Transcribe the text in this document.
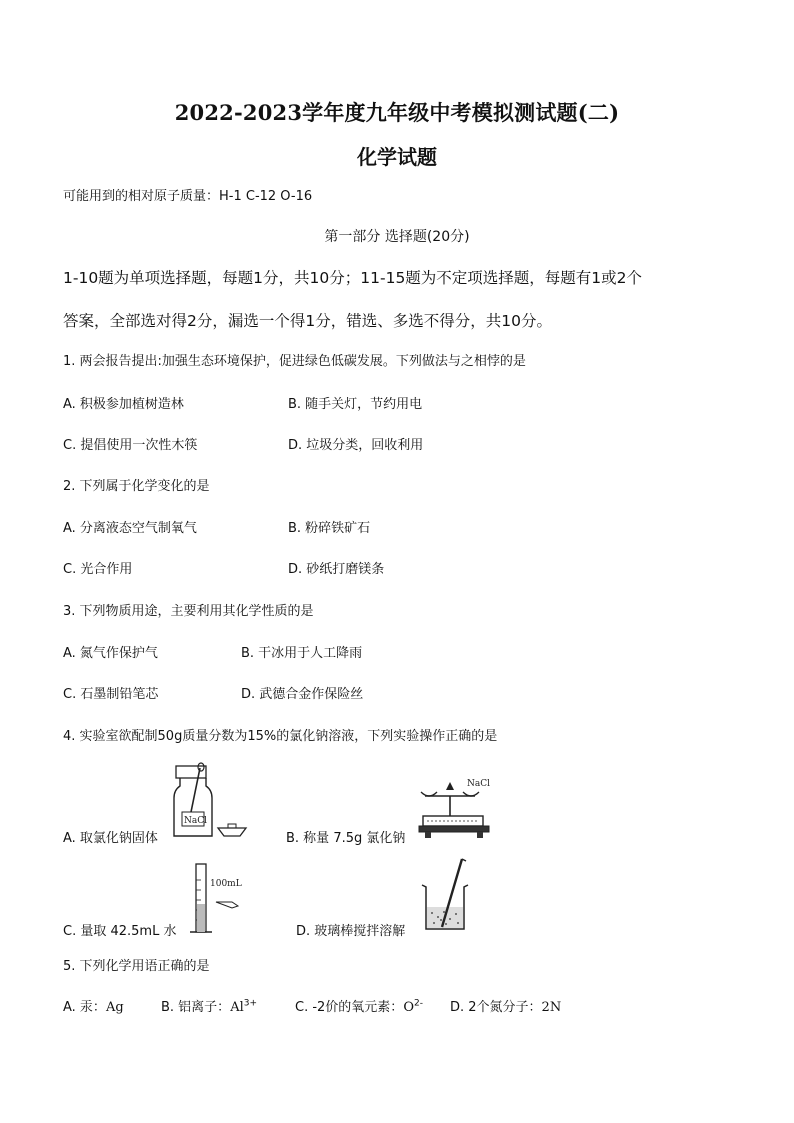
2022-2023学年度九年级中考模拟测试题(二)
化学试题
可能用到的相对原子质量：H-1 C-12 O-16
第一部分 选择题(20分)
1-10题为单项选择题，每题1分，共10分；11-15题为不定项选择题，每题有1或2个
答案，全部选对得2分，漏选一个得1分，错选、多选不得分，共10分。
1. 两会报告提出:加强生态环境保护，促进绿色低碳发展。下列做法与之相悖的是
A. 积极参加植树造林	B. 随手关灯，节约用电
C. 提倡使用一次性木筷	D. 垃圾分类，回收利用
2. 下列属于化学变化的是
A. 分离液态空气制氧气	B. 粉碎铁矿石
C. 光合作用	D. 砂纸打磨镁条
3. 下列物质用途，主要利用其化学性质的是
A. 氮气作保护气	B. 干冰用于人工降雨
C. 石墨制铅笔芯	D. 武德合金作保险丝
4. 实验室欲配制50g质量分数为15%的氯化钠溶液，下列实验操作正确的是
A. 取氯化钠固体
NaCl
B. 称量 7.5g 氯化钠
NaCl
C. 量取 42.5mL 水
100mL
D. 玻璃棒搅拌溶解
5. 下列化学用语正确的是
A. 汞：Ag	B. 铝离子：$Al^{3+}$	C. -2价的氧元素：$O^{2-}$ D. 2个氮分子：2N
